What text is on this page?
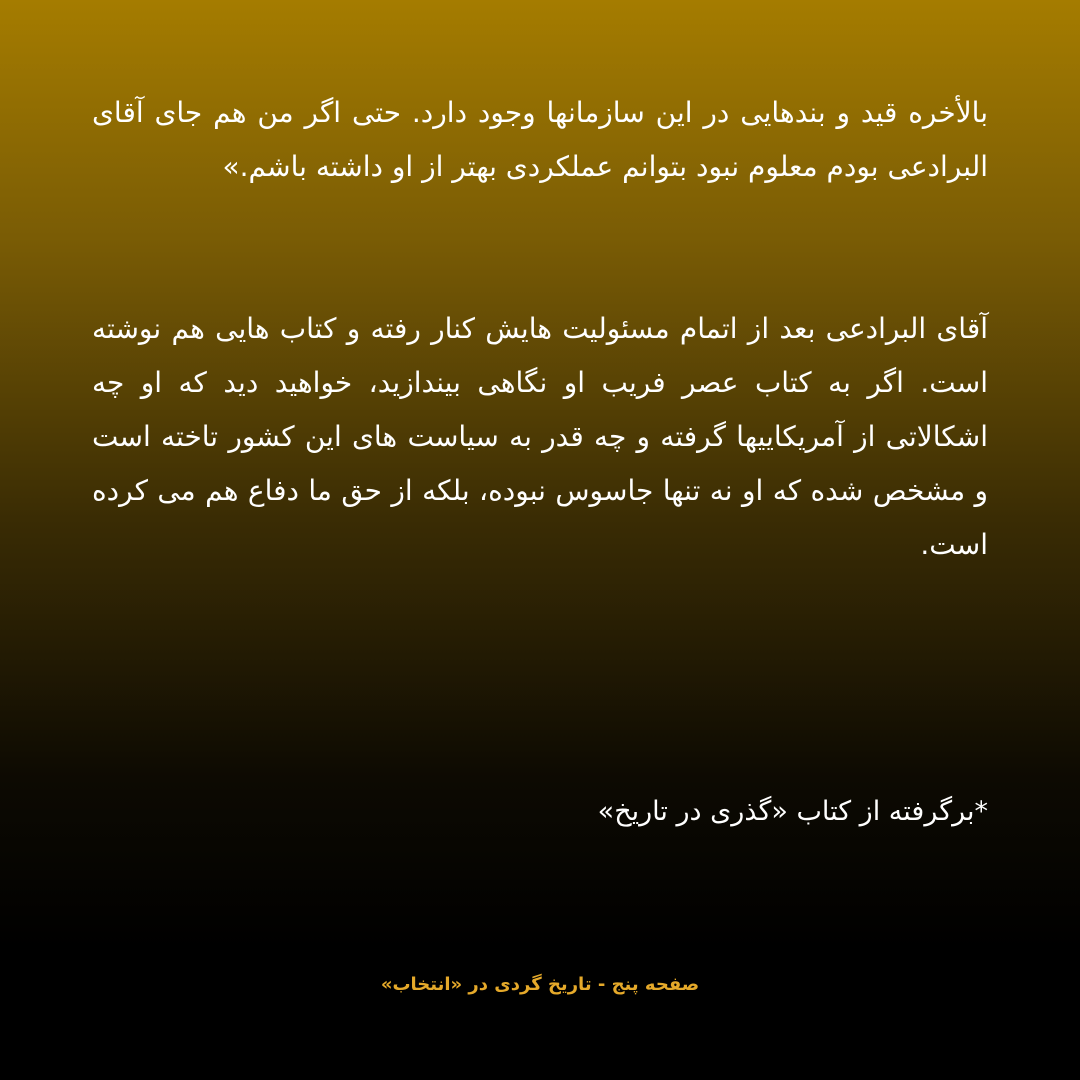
بالأخره قید و بندهایی در این سازمانها وجود دارد. حتی اگر من هم جای آقای البرادعی بودم معلوم نبود بتوانم عملکردی بهتر از او داشته باشم.»

آقای البرادعی بعد از اتمام مسئولیت هایش کنار رفته و کتاب هایی هم نوشته است. اگر به کتاب عصر فریب او نگاهی بیندازید، خواهید دید که او چه اشکالاتی از آمریکاییها گرفته و چه قدر به سیاست های این کشور تاخته است و مشخص شده که او نه تنها جاسوس نبوده، بلکه از حق ما دفاع هم می کرده است.

*برگرفته از کتاب «گذری در تاریخ»
صفحه پنج - تاریخ گردی در «انتخاب»
